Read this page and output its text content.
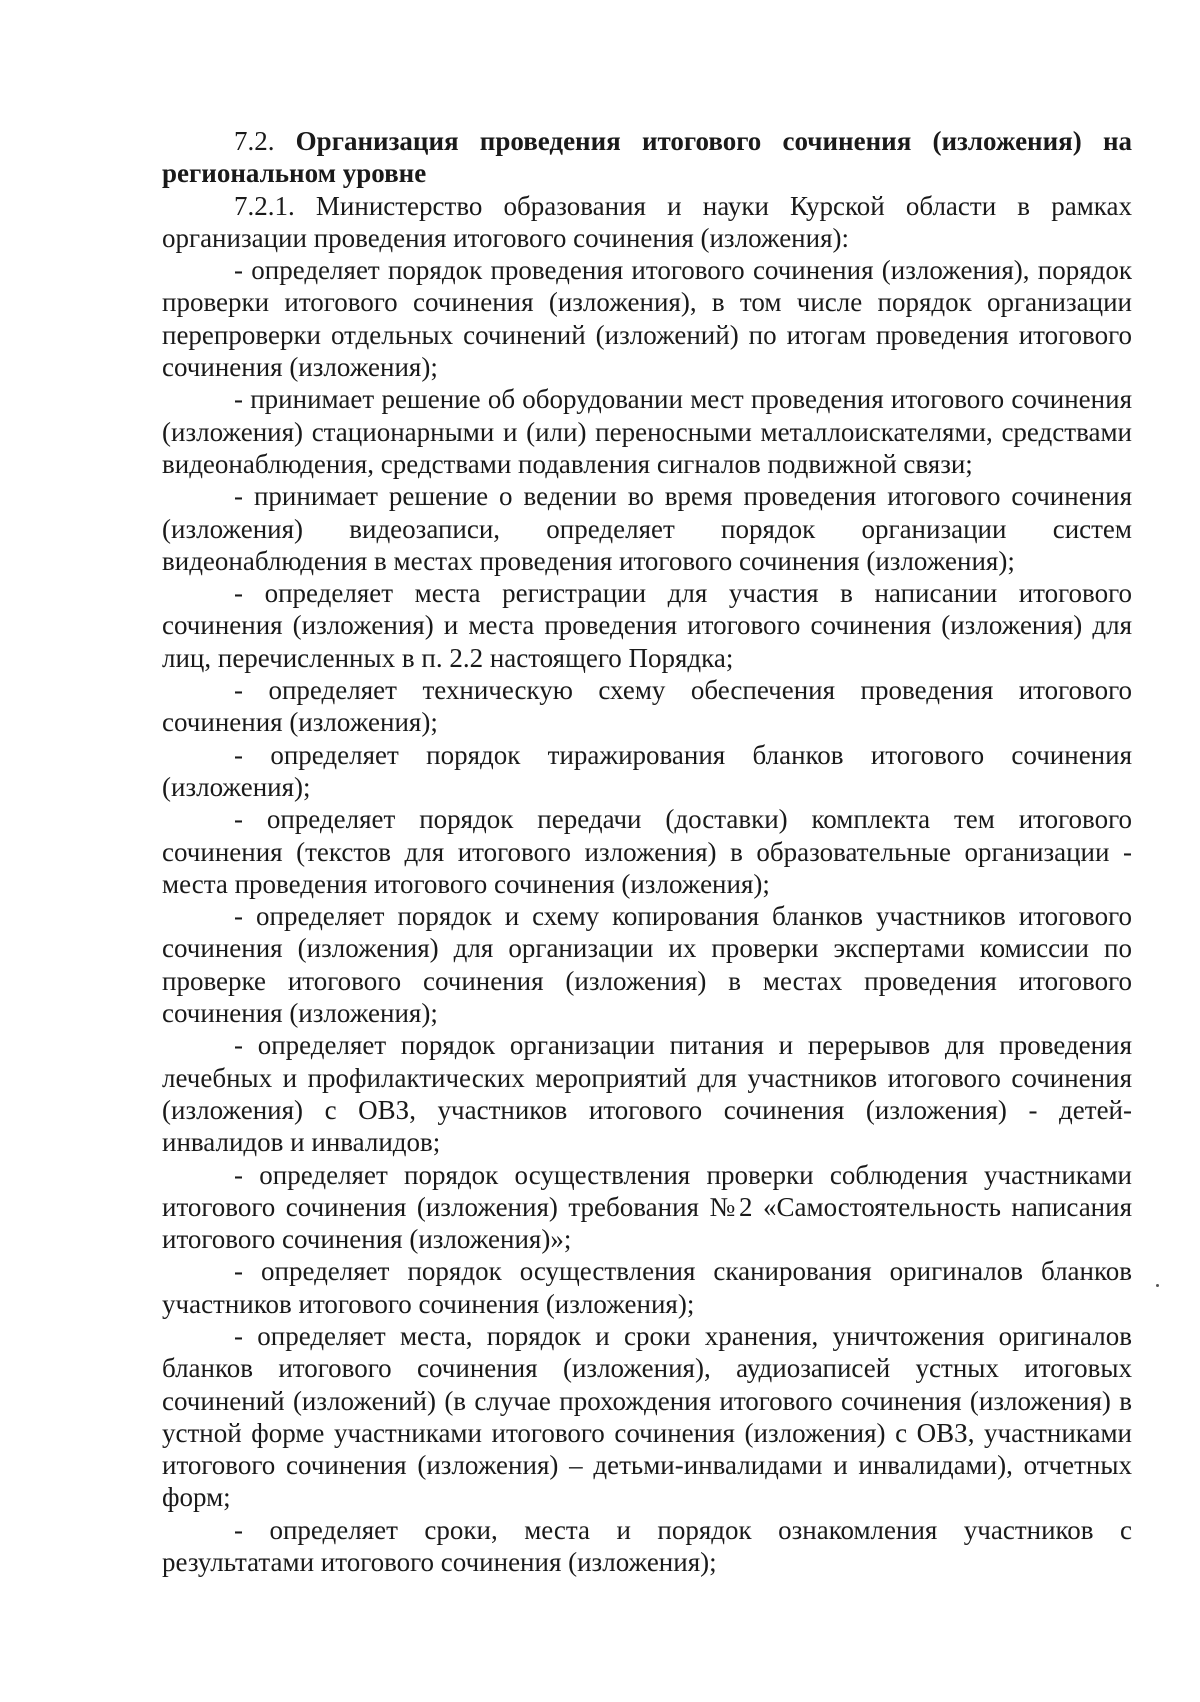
7.2. Организация проведения итогового сочинения (изложения) на региональном уровне

7.2.1. Министерство образования и науки Курской области в рамках организации проведения итогового сочинения (изложения):

- определяет порядок проведения итогового сочинения (изложения), порядок проверки итогового сочинения (изложения), в том числе порядок организации перепроверки отдельных сочинений (изложений) по итогам проведения итогового сочинения (изложения);

- принимает решение об оборудовании мест проведения итогового сочинения (изложения) стационарными и (или) переносными металлоискателями, средствами видеонаблюдения, средствами подавления сигналов подвижной связи;

- принимает решение о ведении во время проведения итогового сочинения (изложения) видеозаписи, определяет порядок организации систем видеонаблюдения в местах проведения итогового сочинения (изложения);

- определяет места регистрации для участия в написании итогового сочинения (изложения) и места проведения итогового сочинения (изложения) для лиц, перечисленных в п. 2.2 настоящего Порядка;

- определяет техническую схему обеспечения проведения итогового сочинения (изложения);

- определяет порядок тиражирования бланков итогового сочинения (изложения);

- определяет порядок передачи (доставки) комплекта тем итогового сочинения (текстов для итогового изложения) в образовательные организации - места проведения итогового сочинения (изложения);

- определяет порядок и схему копирования бланков участников итогового сочинения (изложения) для организации их проверки экспертами комиссии по проверке итогового сочинения (изложения) в местах проведения итогового сочинения (изложения);

- определяет порядок организации питания и перерывов для проведения лечебных и профилактических мероприятий для участников итогового сочинения (изложения) с ОВЗ, участников итогового сочинения (изложения) - детей-инвалидов и инвалидов;

- определяет порядок осуществления проверки соблюдения участниками итогового сочинения (изложения) требования №2 «Самостоятельность написания итогового сочинения (изложения)»;

- определяет порядок осуществления сканирования оригиналов бланков участников итогового сочинения (изложения);

- определяет места, порядок и сроки хранения, уничтожения оригиналов бланков итогового сочинения (изложения), аудиозаписей устных итоговых сочинений (изложений) (в случае прохождения итогового сочинения (изложения) в устной форме участниками итогового сочинения (изложения) с ОВЗ, участниками итогового сочинения (изложения) – детьми-инвалидами и инвалидами), отчетных форм;

- определяет сроки, места и порядок ознакомления участников с результатами итогового сочинения (изложения);
